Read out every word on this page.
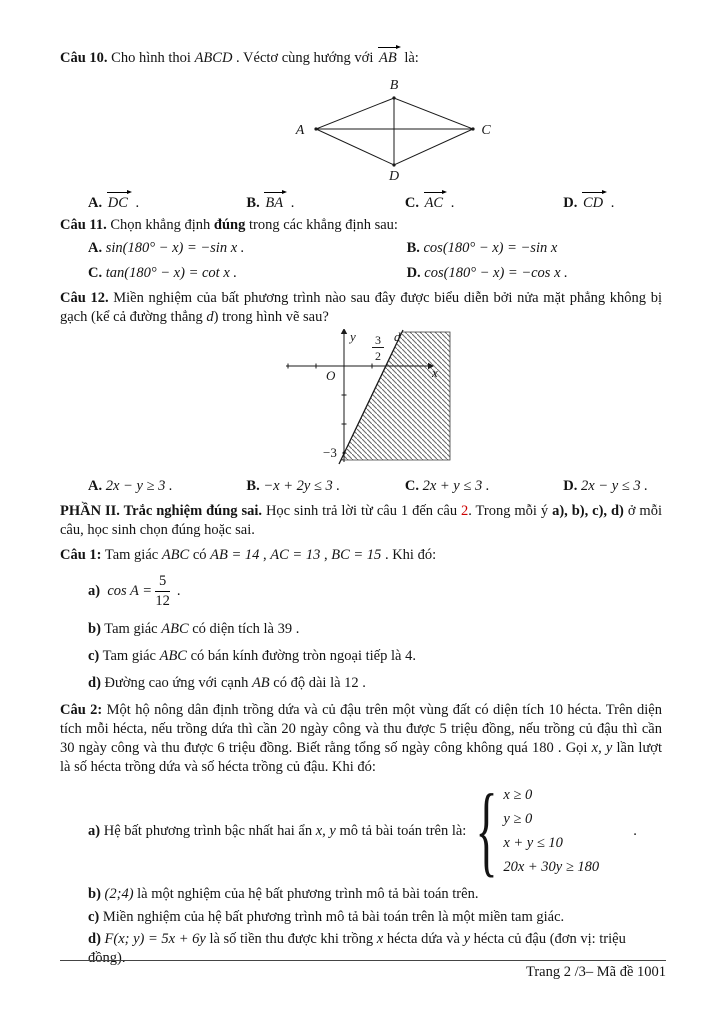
Câu 10. Cho hình thoi ABCD . Véctơ cùng hướng với AB là:

B
A	C
D
A. DC .	B. BA .	C. AC .	D. CD .

Câu 11. Chọn khẳng định đúng trong các khẳng định sau:

A. sin(180° − x) = −sin x .	B. cos(180° − x) = −sin x
C. tan(180° − x) = cot x .	D. cos(180° − x) = −cos x .

Câu 12. Miền nghiệm của bất phương trình nào sau đây được biểu diễn bởi nửa mặt phẳng không bị gạch (kể cả đường thẳng d) trong hình vẽ sau?

y
x
O
d
−3
3
2
A. 2x − y ≥ 3 .	B. −x + 2y ≤ 3 .	C. 2x + y ≤ 3 .	D. 2x − y ≤ 3 .

PHẦN II. Trắc nghiệm đúng sai. Học sinh trả lời từ câu 1 đến câu 2. Trong mỗi ý a), b), c), d) ở mỗi câu, học sinh chọn đúng hoặc sai.

Câu 1: Tam giác ABC có AB = 14 , AC = 13 , BC = 15 . Khi đó:

a) $\cos A = \frac{5}{12}$ .
b) Tam giác ABC có diện tích là 39 .
c) Tam giác ABC có bán kính đường tròn ngoại tiếp là 4.
d) Đường cao ứng với cạnh AB có độ dài là 12 .

Câu 2: Một hộ nông dân định trồng dứa và củ đậu trên một vùng đất có diện tích 10 hécta. Trên diện tích mỗi hécta, nếu trồng dứa thì cần 20 ngày công và thu được 5 triệu đồng, nếu trồng củ đậu thì cần 30 ngày công và thu được 6 triệu đồng. Biết rằng tổng số ngày công không quá 180 . Gọi x, y lần lượt là số hécta trồng dứa và số hécta trồng củ đậu. Khi đó:

a) Hệ bất phương trình bậc nhất hai ẩn x, y mô tả bài toán trên là: { x ≥ 0
y ≥ 0
x + y ≤ 10
20x + 30y ≥ 180
.
b) (2;4) là một nghiệm của hệ bất phương trình mô tả bài toán trên.
c) Miền nghiệm của hệ bất phương trình mô tả bài toán trên là một miền tam giác.
d) F(x; y) = 5x + 6y là số tiền thu được khi trồng x hécta dứa và y hécta củ đậu (đơn vị: triệu đồng).
Trang 2 /3– Mã đề 1001
